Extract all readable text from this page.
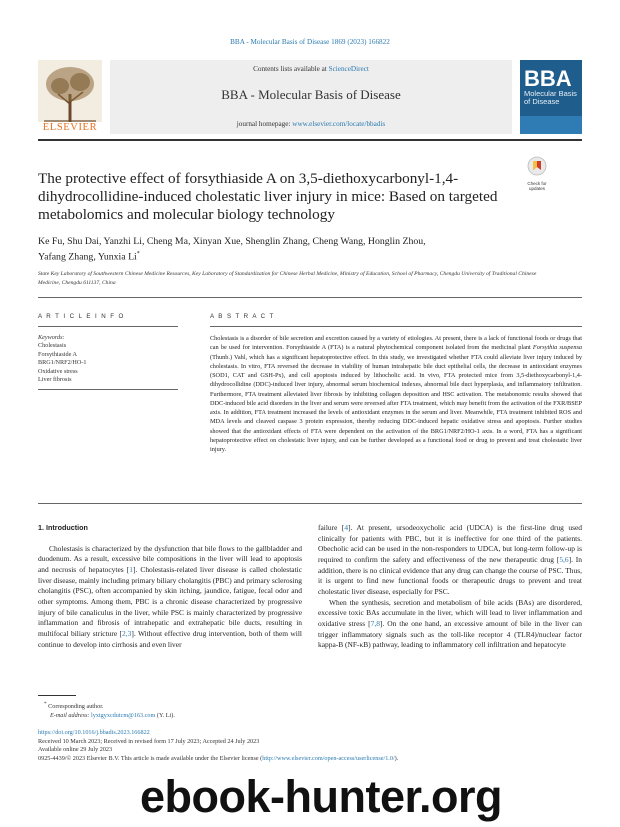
BBA - Molecular Basis of Disease 1869 (2023) 166822
ELSEVIER
Contents lists available at ScienceDirect
BBA - Molecular Basis of Disease
journal homepage: www.elsevier.com/locate/bbadis
BBA
Molecular Basis of Disease
The protective effect of forsythiaside A on 3,5-diethoxycarbonyl-1,4-dihydrocollidine-induced cholestatic liver injury in mice: Based on targeted metabolomics and molecular biology technology
Check for
updates
Ke Fu, Shu Dai, Yanzhi Li, Cheng Ma, Xinyan Xue, Shenglin Zhang, Cheng Wang, Honglin Zhou,
Yafang Zhang, Yunxia Li*
State Key Laboratory of Southwestern Chinese Medicine Resources, Key Laboratory of Standardization for Chinese Herbal Medicine, Ministry of Education, School of Pharmacy, Chengdu University of Traditional Chinese Medicine, Chengdu 611137, China
A R T I C L E I N F O	A B S T R A C T
Keywords:
Cholestasis
Forsythiaside A
BRG1/NRF2/HO-1
Oxidative stress
Liver fibrosis
Cholestasis is a disorder of bile secretion and excretion caused by a variety of etiologies. At present, there is a lack of functional foods or drugs that can be used for intervention. Forsythiaside A (FTA) is a natural phytochemical component isolated from the medicinal plant Forsythia suspensa (Thunb.) Vahl, which has a significant hepatoprotective effect. In this study, we investigated whether FTA could alleviate liver injury induced by cholestasis. In vitro, FTA reversed the decrease in viability of human intrahepatic bile duct epithelial cells, the decrease in antioxidant enzymes (SOD1, CAT and GSH-Px), and cell apoptosis induced by lithocholic acid. In vivo, FTA protected mice from 3,5-diethoxycarbonyl-1,4-dihydrocollidine (DDC)-induced liver injury, abnormal serum biochemical indexes, abnormal bile duct hyperplasia, and inflammatory infiltration. Furthermore, FTA treatment alleviated liver fibrosis by inhibiting collagen deposition and HSC activation. The metabonomic results showed that DDC-induced bile acid disorders in the liver and serum were reversed after FTA treatment, which may benefit from the activation of the FXR/BSEP axis. In addition, FTA treatment increased the levels of antioxidant enzymes in the serum and liver. Meanwhile, FTA treatment inhibited ROS and MDA levels and cleaved caspase 3 protein expression, thereby reducing DDC-induced hepatic oxidative stress and apoptosis. Further studies showed that the antioxidant effects of FTA were dependent on the activation of the BRG1/NRF2/HO-1 axis. In a word, FTA has a significant hepatoprotective effect on cholestatic liver injury, and can be further developed as a functional food or drug to prevent and treat cholestatic liver injury.

1. Introduction

Cholestasis is characterized by the dysfunction that bile flows to the gallbladder and duodenum. As a result, excessive bile compositions in the liver will lead to apoptosis and necrosis of hepatocytes [1]. Cholestasis-related liver disease is called cholestatic liver disease, mainly including primary biliary cholangitis (PBC) and primary sclerosing cholangitis (PSC), often accompanied by skin itching, jaundice, fatigue, fecal odor and other symptoms. Among them, PBC is a chronic disease characterized by progressive injury of bile canaliculus in the liver, while PSC is mainly characterized by progressive inflammation and fibrosis of intrahepatic and extrahepatic bile ducts, resulting in multifocal biliary stricture [2,3]. Without effective drug intervention, both of them will continue to develop into cirrhosis and even liver

failure [4]. At present, ursodeoxycholic acid (UDCA) is the first-line drug used clinically for patients with PBC, but it is ineffective for one third of the patients. Obecholic acid can be used in the non-responders to UDCA, but long-term follow-up is required to confirm the safety and effectiveness of the new therapeutic drug [5,6]. In addition, there is no clinical evidence that any drug can change the course of PSC. Thus, it is urgent to find new functional foods or therapeutic drugs to prevent and treat cholestatic liver disease, especially for PSC.

When the synthesis, secretion and metabolism of bile acids (BAs) are disordered, excessive toxic BAs accumulate in the liver, which will lead to liver inflammation and oxidative stress [7,8]. On the one hand, an excessive amount of bile in the liver can trigger inflammatory signals such as the toll-like receptor 4 (TLR4)/nuclear factor kappa-B (NF-κB) pathway, leading to inflammatory cell infiltration and hepatocyte

* Corresponding author.
E-mail address: lyxtgyxcdutcm@163.com (Y. Li).
https://doi.org/10.1016/j.bbadis.2023.166822
Received 10 March 2023; Received in revised form 17 July 2023; Accepted 24 July 2023
Available online 29 July 2023
0925-4439/© 2023 Elsevier B.V. This article is made available under the Elsevier license (http://www.elsevier.com/open-access/userlicense/1.0/).
ebook-hunter.org
